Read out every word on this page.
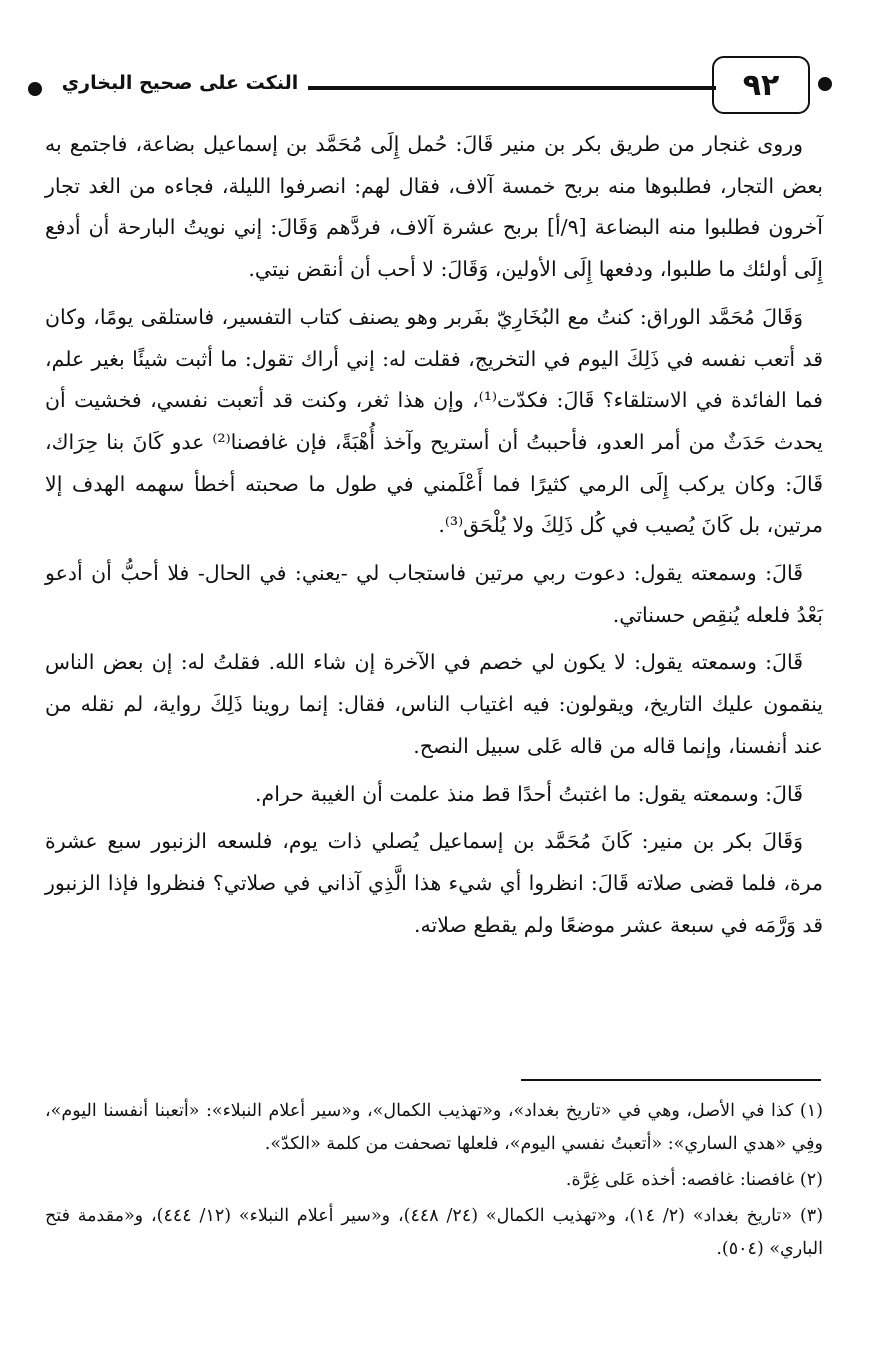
٩٢
النكت على صحيح البخاري

وروى غنجار من طريق بكر بن منير قَالَ: حُمل إِلَى مُحَمَّد بن إسماعيل بضاعة، فاجتمع به بعض التجار، فطلبوها منه بربح خمسة آلاف، فقال لهم: انصرفوا الليلة، فجاءه من الغد تجار آخرون فطلبوا منه البضاعة [٩/أ] بربح عشرة آلاف، فردَّهم وَقَالَ: إني نويتُ البارحة أن أدفع إِلَى أولئك ما طلبوا، ودفعها إِلَى الأولين، وَقَالَ: لا أحب أن أنقض نيتي.

وَقَالَ مُحَمَّد الوراق: كنتُ مع البُخَارِيّ بفَربر وهو يصنف كتاب التفسير، فاستلقى يومًا، وكان قد أتعب نفسه في ذَلِكَ اليوم في التخريج، فقلت له: إني أراك تقول: ما أثبت شيئًا بغير علم، فما الفائدة في الاستلقاء؟ قَالَ: فكدّت⁽¹⁾، وإن هذا ثغر، وكنت قد أتعبت نفسي، فخشيت أن يحدث حَدَثٌ من أمر العدو، فأحببتُ أن أستريح وآخذ أُهْبَةً، فإن غافصنا⁽²⁾ عدو كَانَ بنا حِرَاك، قَالَ: وكان يركب إِلَى الرمي كثيرًا فما أَعْلَمني في طول ما صحبته أخطأ سهمه الهدف إلا مرتين، بل كَانَ يُصيب في كُل ذَلِكَ ولا يُلْحَق⁽³⁾.

قَالَ: وسمعته يقول: دعوت ربي مرتين فاستجاب لي -يعني: في الحال- فلا أحبُّ أن أدعو بَعْدُ فلعله يُنقِص حسناتي.

قَالَ: وسمعته يقول: لا يكون لي خصم في الآخرة إن شاء الله. فقلتُ له: إن بعض الناس ينقمون عليك التاريخ، ويقولون: فيه اغتياب الناس، فقال: إنما روينا ذَلِكَ رواية، لم نقله من عند أنفسنا، وإنما قاله من قاله عَلى سبيل النصح.

قَالَ: وسمعته يقول: ما اغتبتُ أحدًا قط منذ علمت أن الغيبة حرام.

وَقَالَ بكر بن منير: كَانَ مُحَمَّد بن إسماعيل يُصلي ذات يوم، فلسعه الزنبور سبع عشرة مرة، فلما قضى صلاته قَالَ: انظروا أي شيء هذا الَّذِي آذاني في صلاتي؟ فنظروا فإذا الزنبور قد وَرَّمَه في سبعة عشر موضعًا ولم يقطع صلاته.

(١) كذا في الأصل، وهي في «تاريخ بغداد»، و«تهذيب الكمال»، و«سير أعلام النبلاء»: «أتعبنا أنفسنا اليوم»، وفِي «هدي الساري»: «أتعبتُ نفسي اليوم»، فلعلها تصحفت من كلمة «الكدّ».

(٢) غافصنا: غافصه: أخذه عَلى غِرَّة.

(٣) «تاريخ بغداد» (٢/ ١٤)، و«تهذيب الكمال» (٢٤/ ٤٤٨)، و«سير أعلام النبلاء» (١٢/ ٤٤٤)، و«مقدمة فتح الباري» (٥٠٤).
